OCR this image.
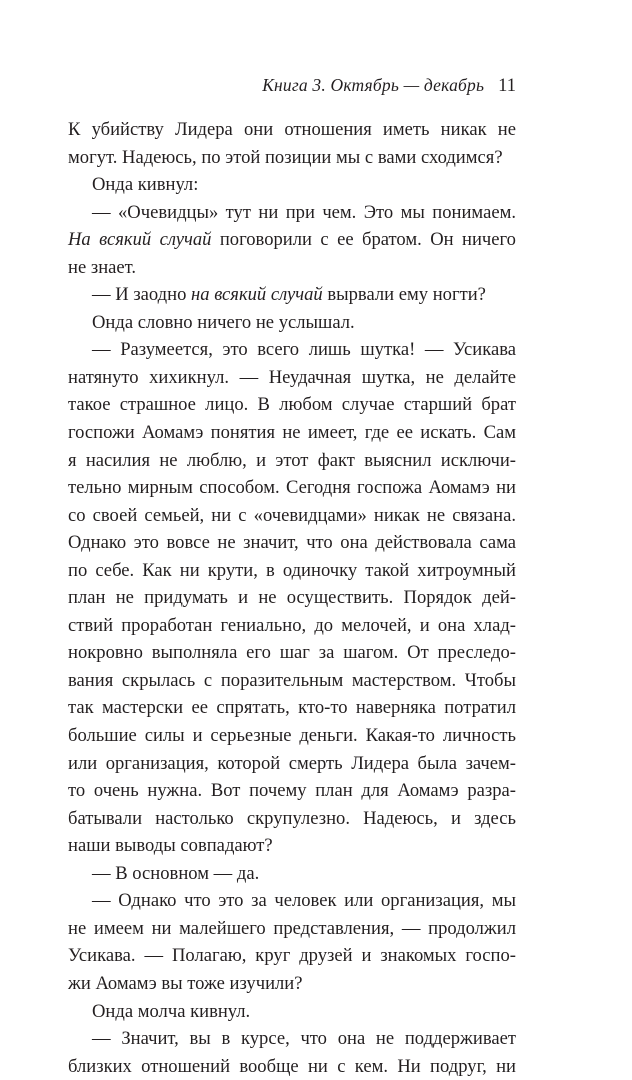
Книга 3. Октябрь — декабрь 11
К убийству Лидера они отношения иметь никак не
могут. Надеюсь, по этой позиции мы с вами сходимся?
Онда кивнул:
— «Очевидцы» тут ни при чем. Это мы понимаем.
На всякий случай поговорили с ее братом. Он ничего
не знает.
— И заодно на всякий случай вырвали ему ногти?
Онда словно ничего не услышал.
— Разумеется, это всего лишь шутка! — Усикава
натянуто хихикнул. — Неудачная шутка, не делайте
такое страшное лицо. В любом случае старший брат
госпожи Аомамэ понятия не имеет, где ее искать. Сам
я насилия не люблю, и этот факт выяснил исключи-
тельно мирным способом. Сегодня госпожа Аомамэ ни
со своей семьей, ни с «очевидцами» никак не связана.
Однако это вовсе не значит, что она действовала сама
по себе. Как ни крути, в одиночку такой хитроумный
план не придумать и не осуществить. Порядок дей-
ствий проработан гениально, до мелочей, и она хлад-
нокровно выполняла его шаг за шагом. От преследо-
вания скрылась с поразительным мастерством. Чтобы
так мастерски ее спрятать, кто-то наверняка потратил
большие силы и серьезные деньги. Какая-то личность
или организация, которой смерть Лидера была зачем-
то очень нужна. Вот почему план для Аомамэ разра-
батывали настолько скрупулезно. Надеюсь, и здесь
наши выводы совпадают?
— В основном — да.
— Однако что это за человек или организация, мы
не имеем ни малейшего представления, — продолжил
Усикава. — Полагаю, круг друзей и знакомых госпо-
жи Аомамэ вы тоже изучили?
Онда молча кивнул.
— Значит, вы в курсе, что она не поддерживает
близких отношений вообще ни с кем. Ни подруг, ни
